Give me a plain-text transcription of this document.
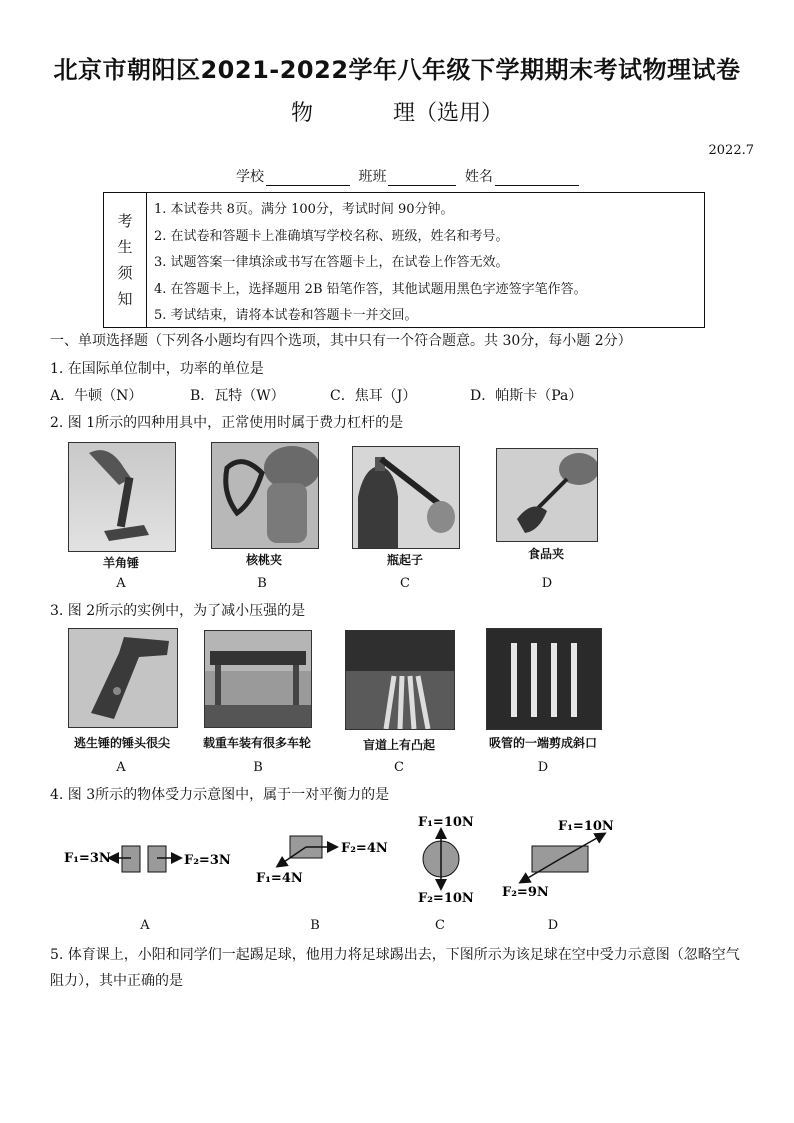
北京市朝阳区2021-2022学年八年级下学期期末考试物理试卷
物	理（选用）
2022.7
学校	班班	姓名
考
生
须
知
1. 本试卷共 8页。满分 100分，考试时间 90分钟。
2. 在试卷和答题卡上准确填写学校名称、班级，姓名和考号。
3. 试题答案一律填涂或书写在答题卡上，在试卷上作答无效。
4. 在答题卡上，选择题用 2B 铅笔作答，其他试题用黑色字迹签字笔作答。
5. 考试结束，请将本试卷和答题卡一并交回。
一、单项选择题（下列各小题均有四个选项，其中只有一个符合题意。共 30分，每小题 2分）
1. 在国际单位制中，功率的单位是
A．牛顿（N）	B．瓦特（W）	C．焦耳（J）	D．帕斯卡（Pa）
2. 图 1所示的四种用具中，正常使用时属于费力杠杆的是
羊角锤
A
核桃夹
B
瓶起子
C
食品夹
D
3. 图 2所示的实例中，为了减小压强的是
逃生锤的锤头很尖
A
载重车装有很多车轮
B
盲道上有凸起
C
吸管的一端剪成斜口
D
4. 图 3所示的物体受力示意图中，属于一对平衡力的是
F₁=3N	F₂=3N
F₂=4N
F₁=4N
F₁=10N
F₂=10N
F₁=10N
F₂=9N
A	B	C	D
5. 体育课上，小阳和同学们一起踢足球，他用力将足球踢出去，下图所示为该足球在空中受力示意图（忽略空气
阻力），其中正确的是
